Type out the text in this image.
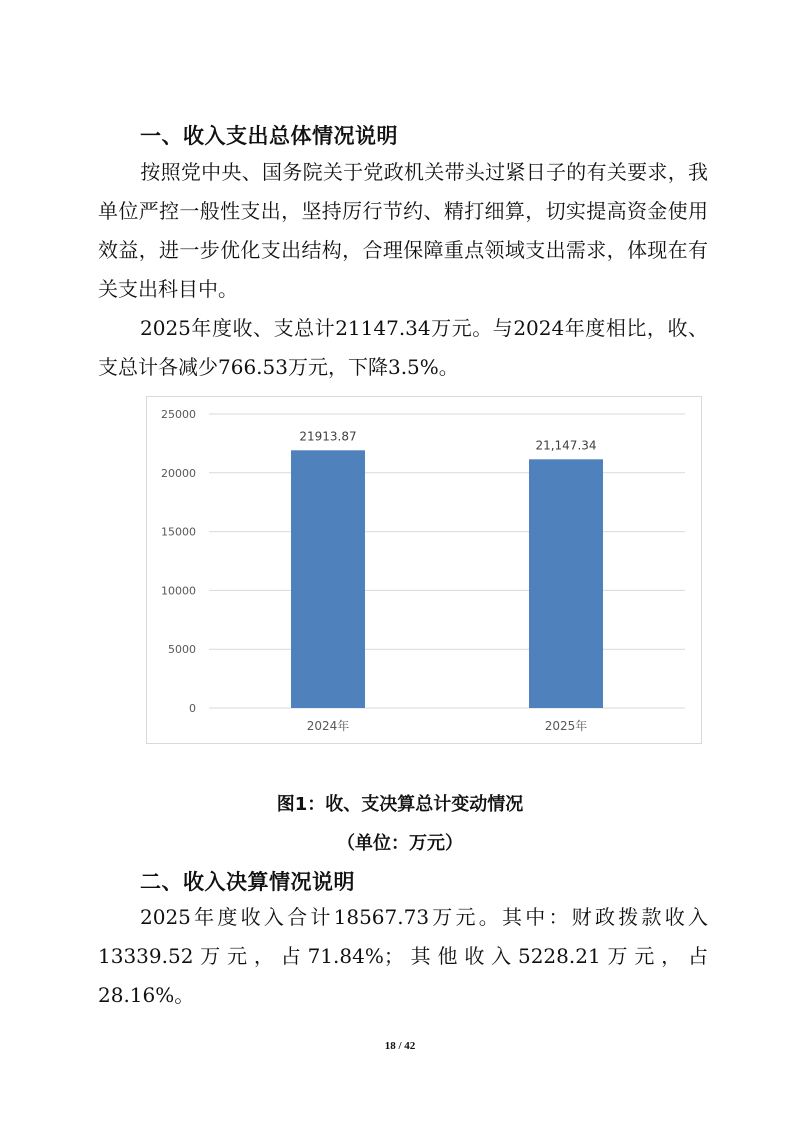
一、收入支出总体情况说明
按照党中央、国务院关于党政机关带头过紧日子的有关要求，我单位严控一般性支出，坚持厉行节约、精打细算，切实提高资金使用效益，进一步优化支出结构，合理保障重点领域支出需求，体现在有关支出科目中。
2025年度收、支总计21147.34万元。与2024年度相比，收、支总计各减少766.53万元，下降3.5%。
0
5000
10000
15000
20000
25000
21913.87
2024年
21,147.34
2025年
图1：收、支决算总计变动情况
（单位：万元）
二、收入决算情况说明
2025年度收入合计18567.73万元。其中：财政拨款收入13339.52万元，占71.84%；其他收入5228.21万元，占28.16%。
18 / 42
